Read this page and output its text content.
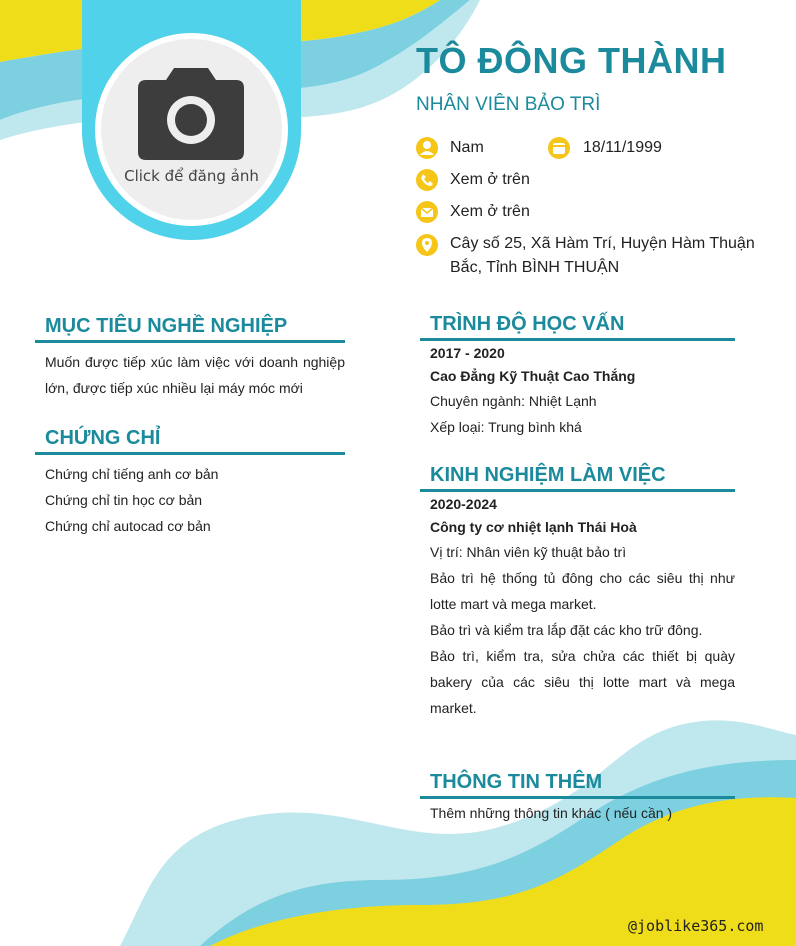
Click để đăng ảnh
TÔ ĐÔNG THÀNH
NHÂN VIÊN BẢO TRÌ
Nam	18/11/1999
Xem ở trên
Xem ở trên
Cây số 25, Xã Hàm Trí, Huyện Hàm Thuận Bắc, Tỉnh BÌNH THUẬN
MỤC TIÊU NGHỀ NGHIỆP
Muốn được tiếp xúc làm việc với doanh nghiệp lớn, được tiếp xúc nhiều lại máy móc mới
CHỨNG CHỈ
Chứng chỉ tiếng anh cơ bản
Chứng chỉ tin học cơ bản
Chứng chỉ autocad cơ bản
TRÌNH ĐỘ HỌC VẤN
2017 - 2020
Cao Đẳng Kỹ Thuật Cao Thắng
Chuyên ngành: Nhiệt Lạnh
Xếp loại: Trung bình khá
KINH NGHIỆM LÀM VIỆC
2020-2024
Công ty cơ nhiệt lạnh Thái Hoà
Vị trí: Nhân viên kỹ thuật bảo trì
Bảo trì hệ thống tủ đông cho các siêu thị như lotte mart và mega market.
Bảo trì và kiểm tra lắp đặt các kho trữ đông.
Bảo trì, kiểm tra, sửa chửa các thiết bị quày bakery của các siêu thị lotte mart và mega market.
THÔNG TIN THÊM
Thêm những thông tin khác ( nếu cần )
@joblike365.com
